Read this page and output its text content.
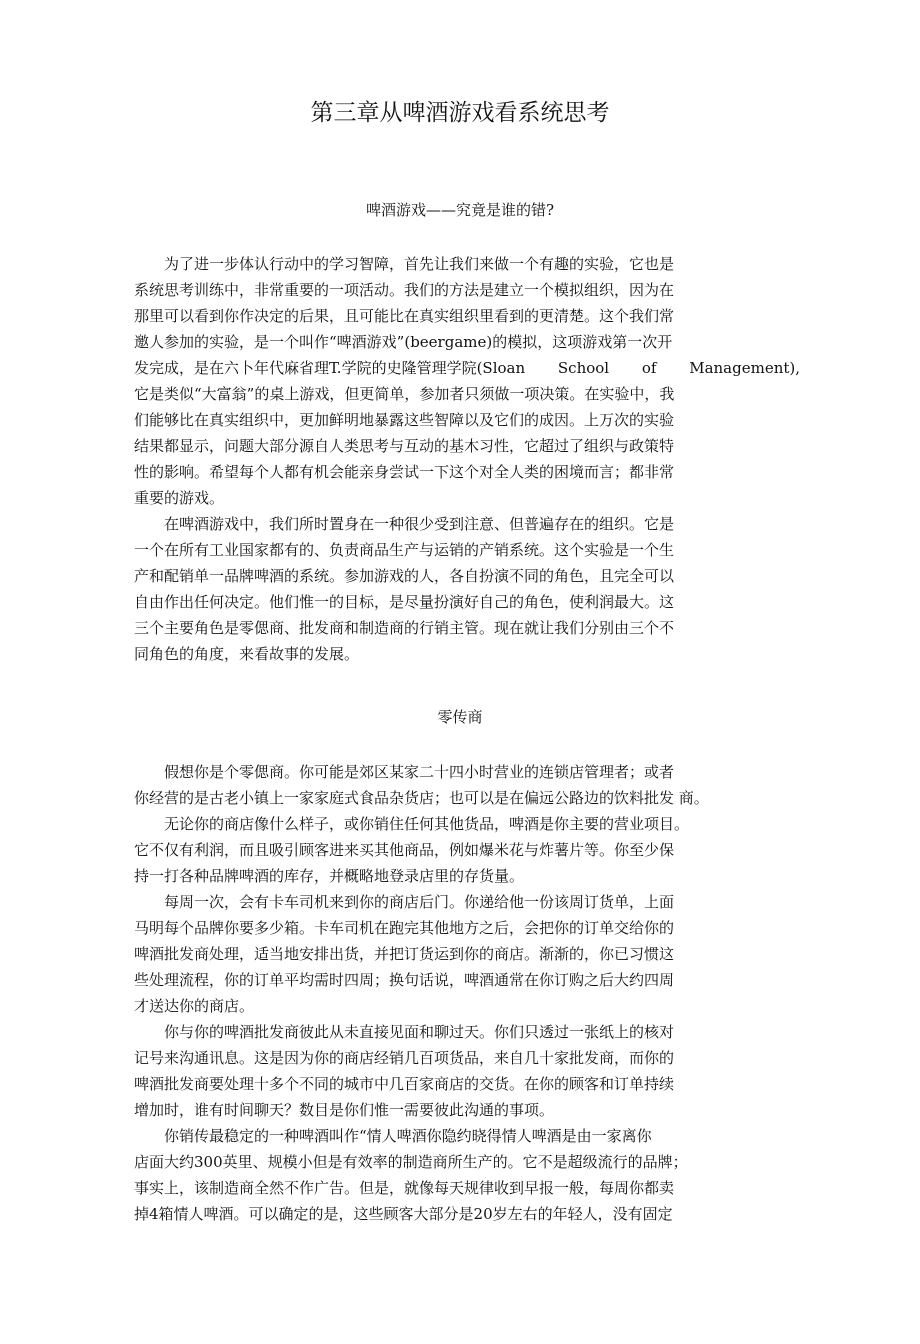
第三章从啤酒游戏看系统思考
啤酒游戏——究竟是谁的错?
　　为了进一步体认行动中的学习智障，首先让我们来做一个有趣的实验，它也是
系统思考训练中，非常重要的一项活动。我们的方法是建立一个模拟组织，因为在
那里可以看到你作决定的后果，且可能比在真实组织里看到的更清楚。这个我们常
邀人参加的实验，是一个叫作“啤酒游戏”(beergame)的模拟，这项游戏第一次开
发完成，是在六卜年代麻省理T.学院的史隆管理学院(Sloan School of Management),
它是类似“大富翁”的桌上游戏，但更简单，参加者只须做一项决策。在实验中，我
们能够比在真实组织中，更加鲜明地暴露这些智障以及它们的成因。上万次的实验
结果都显示，问题大部分源自人类思考与互动的基木习性，它超过了组织与政策特
性的影响。希望每个人都有机会能亲身尝试一下这个对全人类的困境而言；都非常
重要的游戏。
　　在啤酒游戏中，我们所时置身在一种很少受到注意、但普遍存在的组织。它是
一个在所有工业国家都有的、负责商品生产与运销的产销系统。这个实验是一个生
产和配销单一品牌啤酒的系统。参加游戏的人，各自扮演不同的角色，且完全可以
自由作出任何决定。他们惟一的目标，是尽量扮演好自己的角色，使利润最大。这
三个主要角色是零偲商、批发商和制造商的行销主管。现在就让我们分别由三个不
同角色的角度，来看故事的发展。
零传商
　　假想你是个零偲商。你可能是郊区某家二十四小时营业的连锁店管理者；或者
你经营的是古老小镇上一家家庭式食品杂货店；也可以是在偏远公路边的饮料批发 商。
　　无论你的商店像什么样子，或你销住任何其他货品，啤酒是你主要的营业项目。
它不仅有利润，而且吸引顾客进来买其他商品，例如爆米花与炸薯片等。你至少保
持一打各种品牌啤酒的库存，并概略地登录店里的存货量。
　　每周一次，会有卡车司机来到你的商店后门。你递给他一份该周订货单，上面
马明每个品牌你要多少箱。卡车司机在跑完其他地方之后，会把你的订单交给你的
啤酒批发商处理，适当地安排出货，并把订货运到你的商店。渐渐的，你已习惯这
些处理流程，你的订单平均需时四周；换句话说，啤酒通常在你订购之后大约四周
才送达你的商店。
　　你与你的啤酒批发商彼此从未直接见面和聊过天。你们只透过一张纸上的核对
记号来沟通讯息。这是因为你的商店经销几百项货品，来自几十家批发商，而你的
啤酒批发商要处理十多个不同的城市中几百家商店的交货。在你的顾客和订单持续
增加时，谁有时间聊天？数目是你们惟一需要彼此沟通的事项。
　　你销传最稳定的一种啤酒叫作“情人啤酒你隐约晓得情人啤酒是由一家离你
店面大约300英里、规模小但是有效率的制造商所生产的。它不是超级流行的品牌；
事实上，该制造商全然不作广告。但是，就像每天规律收到早报一般，每周你都卖
掉4箱情人啤酒。可以确定的是，这些顾客大部分是20岁左右的年轻人，没有固定
